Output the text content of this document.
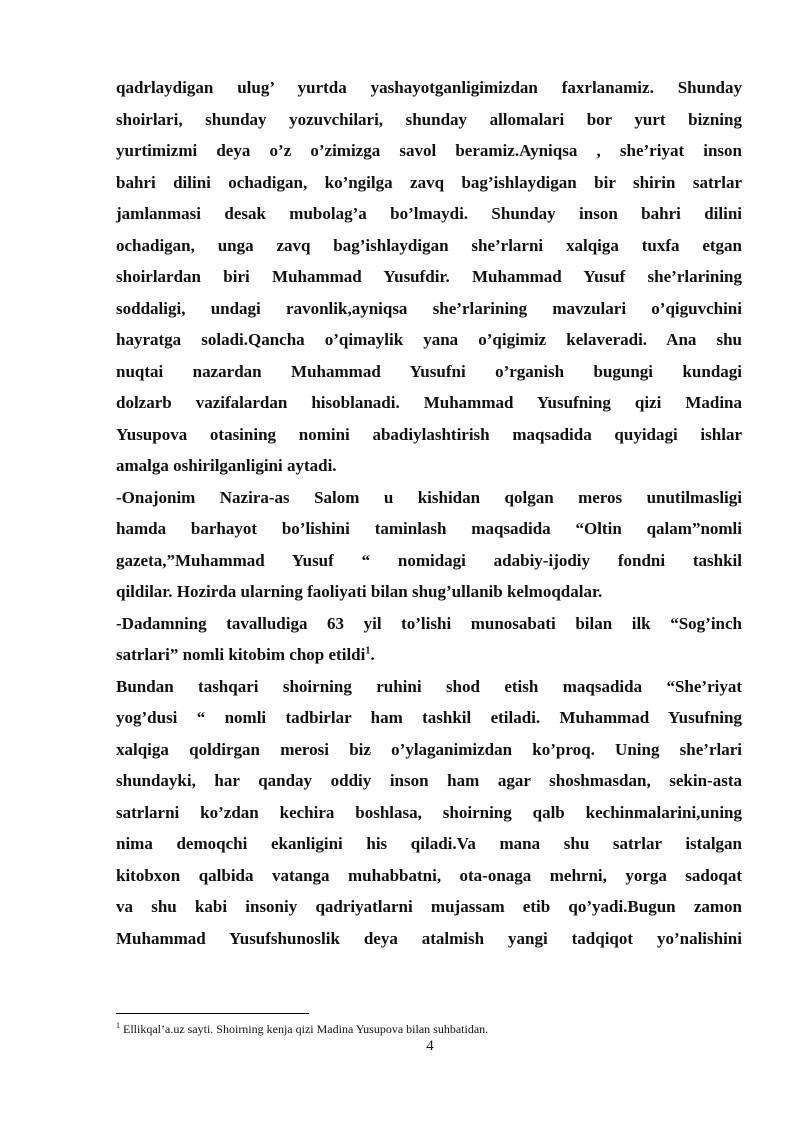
qadrlaydigan ulug’ yurtda yashayotganligimizdan faxrlanamiz. Shunday
shoirlari, shunday yozuvchilari, shunday allomalari bor yurt bizning
yurtimizmi deya o’z o’zimizga savol beramiz.Ayniqsa , she’riyat inson
bahri dilini ochadigan, ko’ngilga zavq bag’ishlaydigan bir shirin satrlar
jamlanmasi desak mubolag’a bo’lmaydi. Shunday inson bahri dilini
ochadigan, unga zavq bag’ishlaydigan she’rlarni xalqiga tuxfa etgan
shoirlardan biri Muhammad Yusufdir. Muhammad Yusuf she’rlarining
soddaligi, undagi ravonlik,ayniqsa she’rlarining mavzulari o’qiguvchini
hayratga soladi.Qancha o’qimaylik yana o’qigimiz kelaveradi. Ana shu
nuqtai nazardan Muhammad Yusufni o’rganish bugungi kundagi
dolzarb vazifalardan hisoblanadi. Muhammad Yusufning qizi Madina
Yusupova otasining nomini abadiylashtirish maqsadida quyidagi ishlar
amalga oshirilganligini aytadi.
-Onajonim Nazira-as Salom u kishidan qolgan meros unutilmasligi
hamda barhayot bo’lishini taminlash maqsadida “Oltin qalam”nomli
gazeta,”Muhammad Yusuf “ nomidagi adabiy-ijodiy fondni tashkil
qildilar. Hozirda ularning faoliyati bilan shug’ullanib kelmoqdalar.
-Dadamning tavalludiga 63 yil to’lishi munosabati bilan ilk “Sog’inch
satrlari” nomli kitobim chop etildi$^1$.
Bundan tashqari shoirning ruhini shod etish maqsadida “She’riyat
yog’dusi “ nomli tadbirlar ham tashkil etiladi. Muhammad Yusufning
xalqiga qoldirgan merosi biz o’ylaganimizdan ko’proq. Uning she’rlari
shundayki, har qanday oddiy inson ham agar shoshmasdan, sekin-asta
satrlarni ko’zdan kechira boshlasa, shoirning qalb kechinmalarini,uning
nima demoqchi ekanligini his qiladi.Va mana shu satrlar istalgan
kitobxon qalbida vatanga muhabbatni, ota-onaga mehrni, yorga sadoqat
va shu kabi insoniy qadriyatlarni mujassam etib qo’yadi.Bugun zamon
Muhammad Yusufshunoslik deya atalmish yangi tadqiqot yo’nalishini

$^1$ Ellikqal’a.uz sayti. Shoirning kenja qizi Madina Yusupova bilan suhbatidan.
4
